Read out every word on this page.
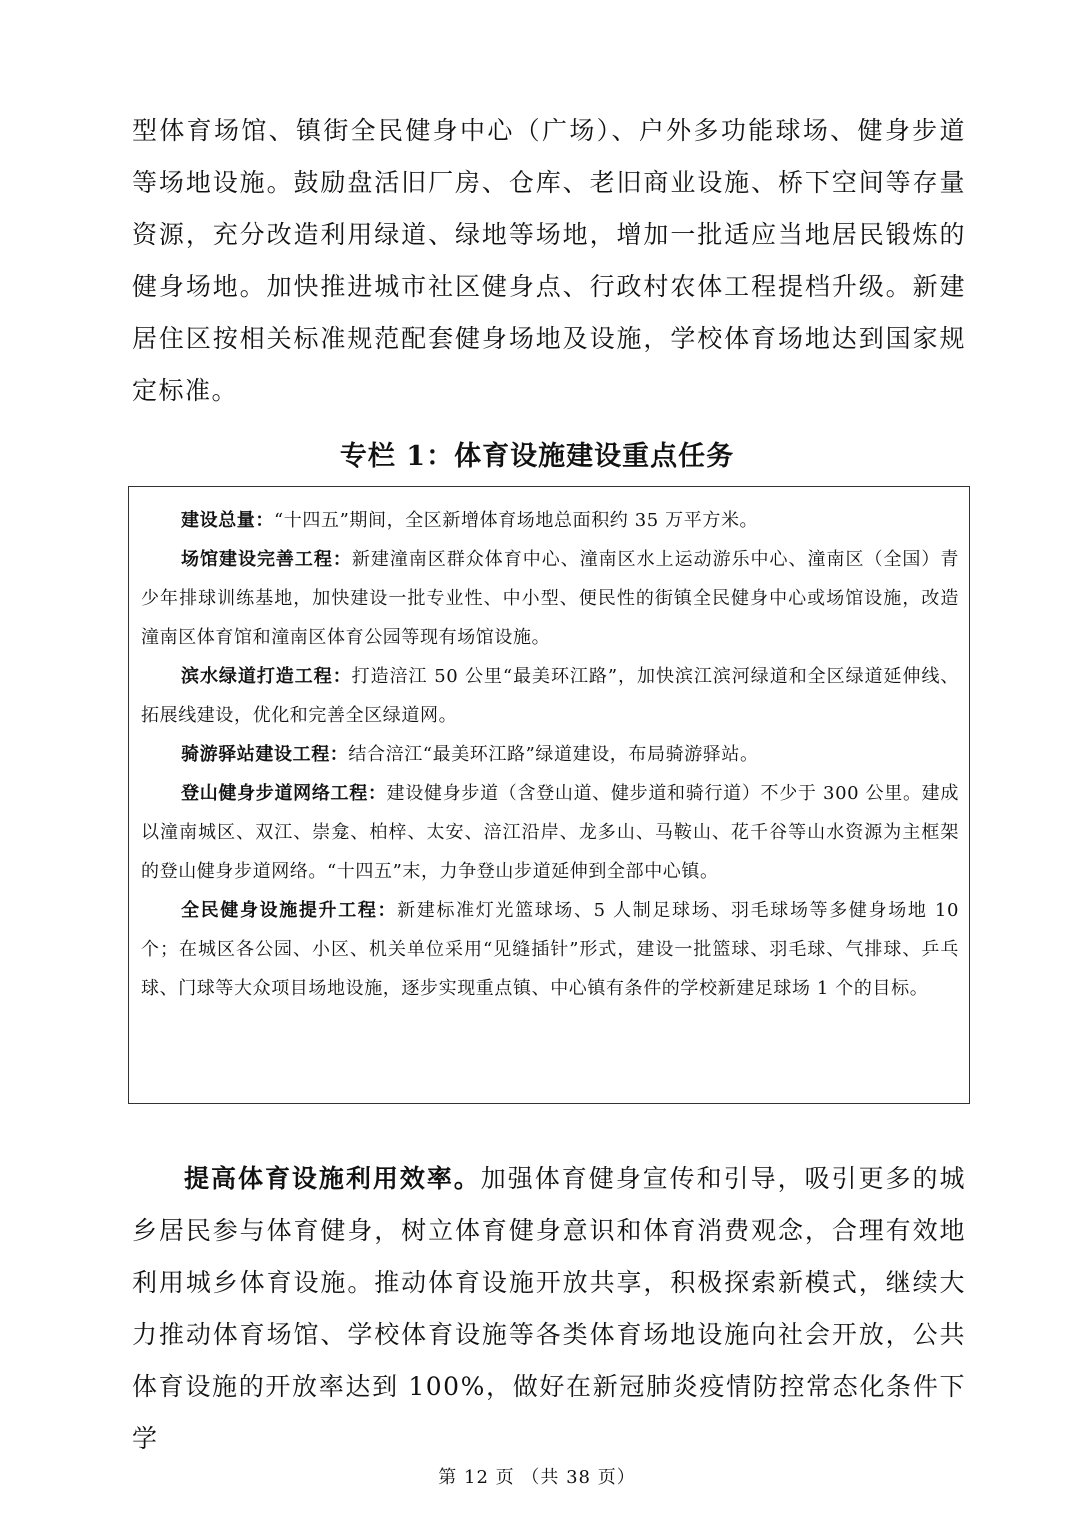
型体育场馆、镇街全民健身中心（广场）、户外多功能球场、健身步道等场地设施。鼓励盘活旧厂房、仓库、老旧商业设施、桥下空间等存量资源，充分改造利用绿道、绿地等场地，增加一批适应当地居民锻炼的健身场地。加快推进城市社区健身点、行政村农体工程提档升级。新建居住区按相关标准规范配套健身场地及设施，学校体育场地达到国家规定标准。

专栏 1：体育设施建设重点任务

建设总量：“十四五”期间，全区新增体育场地总面积约 35 万平方米。

场馆建设完善工程：新建潼南区群众体育中心、潼南区水上运动游乐中心、潼南区（全国）青少年排球训练基地，加快建设一批专业性、中小型、便民性的街镇全民健身中心或场馆设施，改造潼南区体育馆和潼南区体育公园等现有场馆设施。

滨水绿道打造工程：打造涪江 50 公里“最美环江路”，加快滨江滨河绿道和全区绿道延伸线、拓展线建设，优化和完善全区绿道网。

骑游驿站建设工程：结合涪江“最美环江路”绿道建设，布局骑游驿站。

登山健身步道网络工程：建设健身步道（含登山道、健步道和骑行道）不少于 300 公里。建成以潼南城区、双江、崇龛、柏梓、太安、涪江沿岸、龙多山、马鞍山、花千谷等山水资源为主框架的登山健身步道网络。“十四五”末，力争登山步道延伸到全部中心镇。

全民健身设施提升工程：新建标准灯光篮球场、5 人制足球场、羽毛球场等多健身场地 10 个；在城区各公园、小区、机关单位采用“见缝插针”形式，建设一批篮球、羽毛球、气排球、乒乓球、门球等大众项目场地设施，逐步实现重点镇、中心镇有条件的学校新建足球场 1 个的目标。

提高体育设施利用效率。加强体育健身宣传和引导，吸引更多的城乡居民参与体育健身，树立体育健身意识和体育消费观念，合理有效地利用城乡体育设施。推动体育设施开放共享，积极探索新模式，继续大力推动体育场馆、学校体育设施等各类体育场地设施向社会开放，公共体育设施的开放率达到 100%，做好在新冠肺炎疫情防控常态化条件下学

第 12 页 （共 38 页）
